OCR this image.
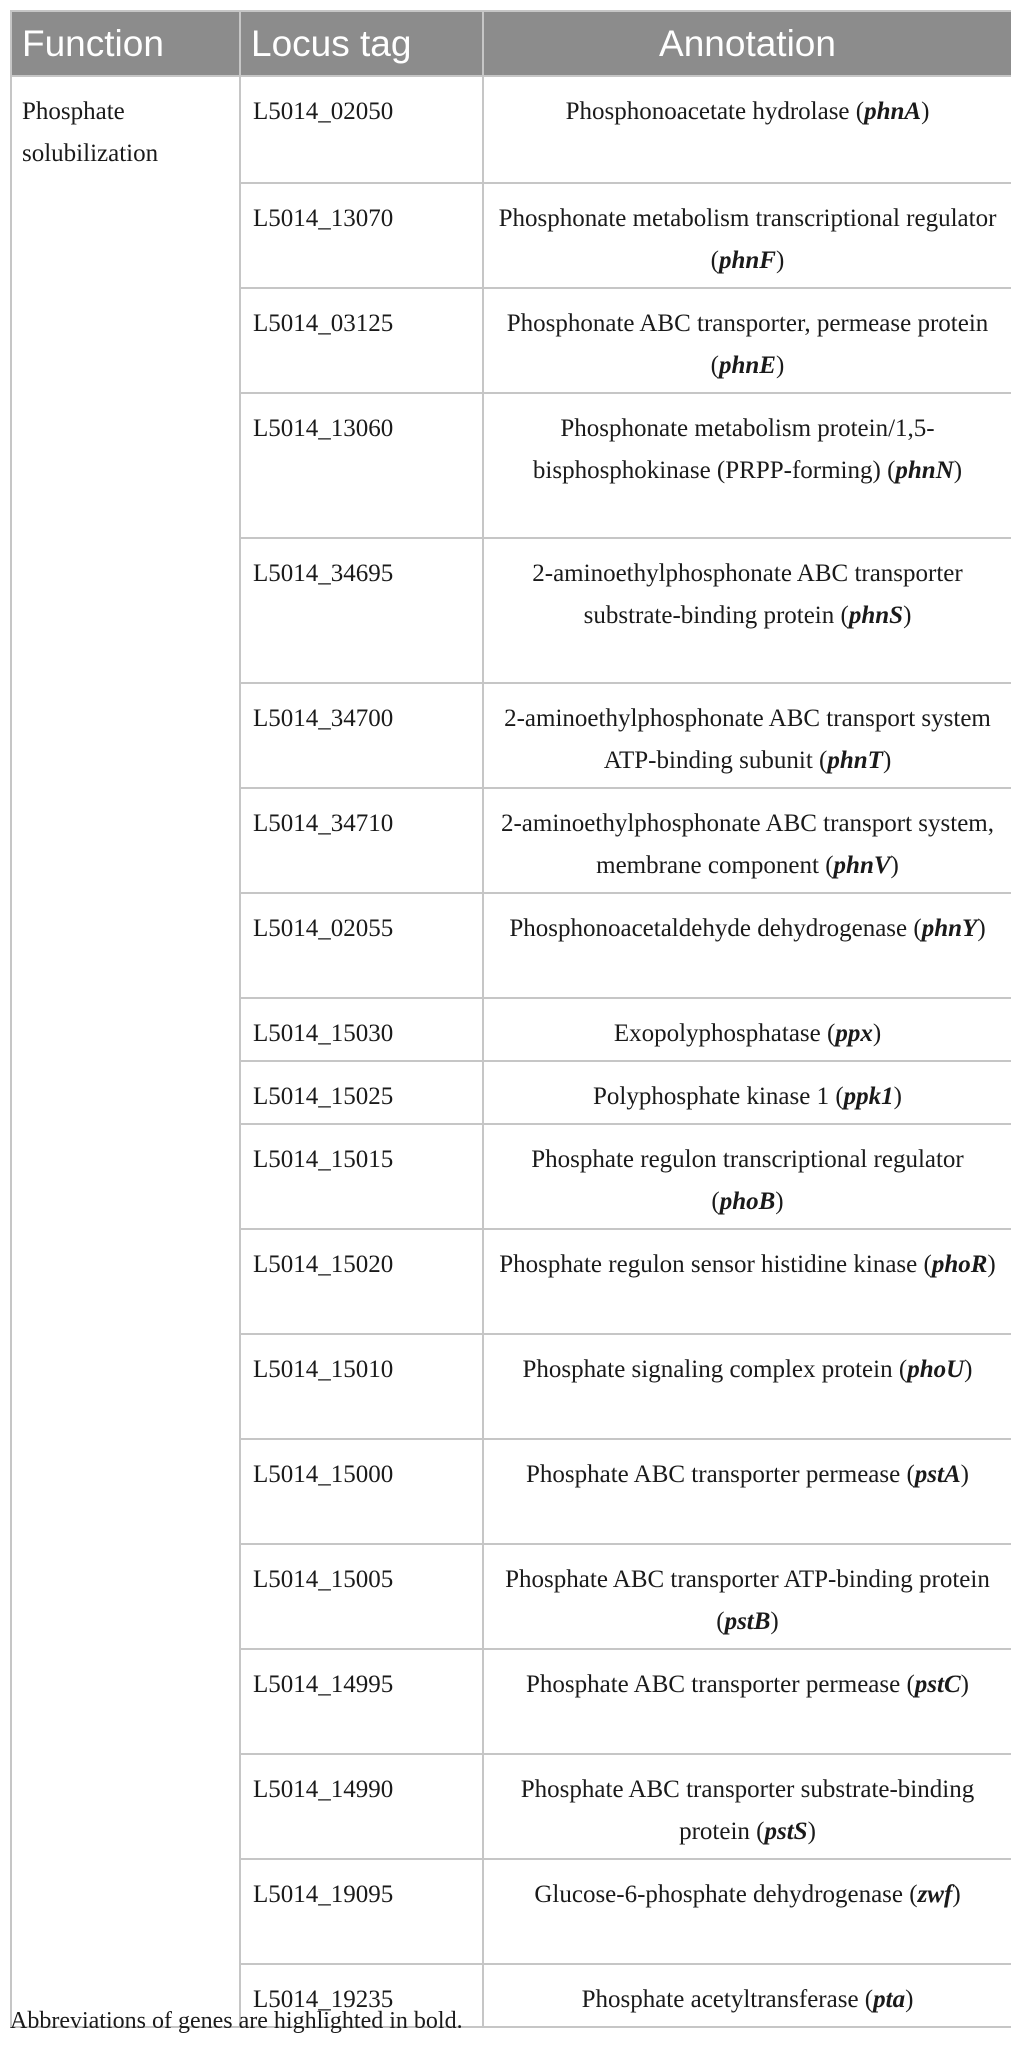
Function	Locus tag	Annotation
Phosphate solubilization	L5014_02050	Phosphonoacetate hydrolase (phnA)
	L5014_13070	Phosphonate metabolism transcriptional regulator (phnF)
	L5014_03125	Phosphonate ABC transporter, permease protein (phnE)
	L5014_13060	Phosphonate metabolism protein/1,5-bisphosphokinase (PRPP-forming) (phnN)
	L5014_34695	2-aminoethylphosphonate ABC transporter substrate-binding protein (phnS)
	L5014_34700	2-aminoethylphosphonate ABC transport system ATP-binding subunit (phnT)
	L5014_34710	2-aminoethylphosphonate ABC transport system, membrane component (phnV)
	L5014_02055	Phosphonoacetaldehyde dehydrogenase (phnY)
	L5014_15030	Exopolyphosphatase (ppx)
	L5014_15025	Polyphosphate kinase 1 (ppk1)
	L5014_15015	Phosphate regulon transcriptional regulator (phoB)
	L5014_15020	Phosphate regulon sensor histidine kinase (phoR)
	L5014_15010	Phosphate signaling complex protein (phoU)
	L5014_15000	Phosphate ABC transporter permease (pstA)
	L5014_15005	Phosphate ABC transporter ATP-binding protein (pstB)
	L5014_14995	Phosphate ABC transporter permease (pstC)
	L5014_14990	Phosphate ABC transporter substrate-binding protein (pstS)
	L5014_19095	Glucose-6-phosphate dehydrogenase (zwf)
	L5014_19235	Phosphate acetyltransferase (pta)
Abbreviations of genes are highlighted in bold.
